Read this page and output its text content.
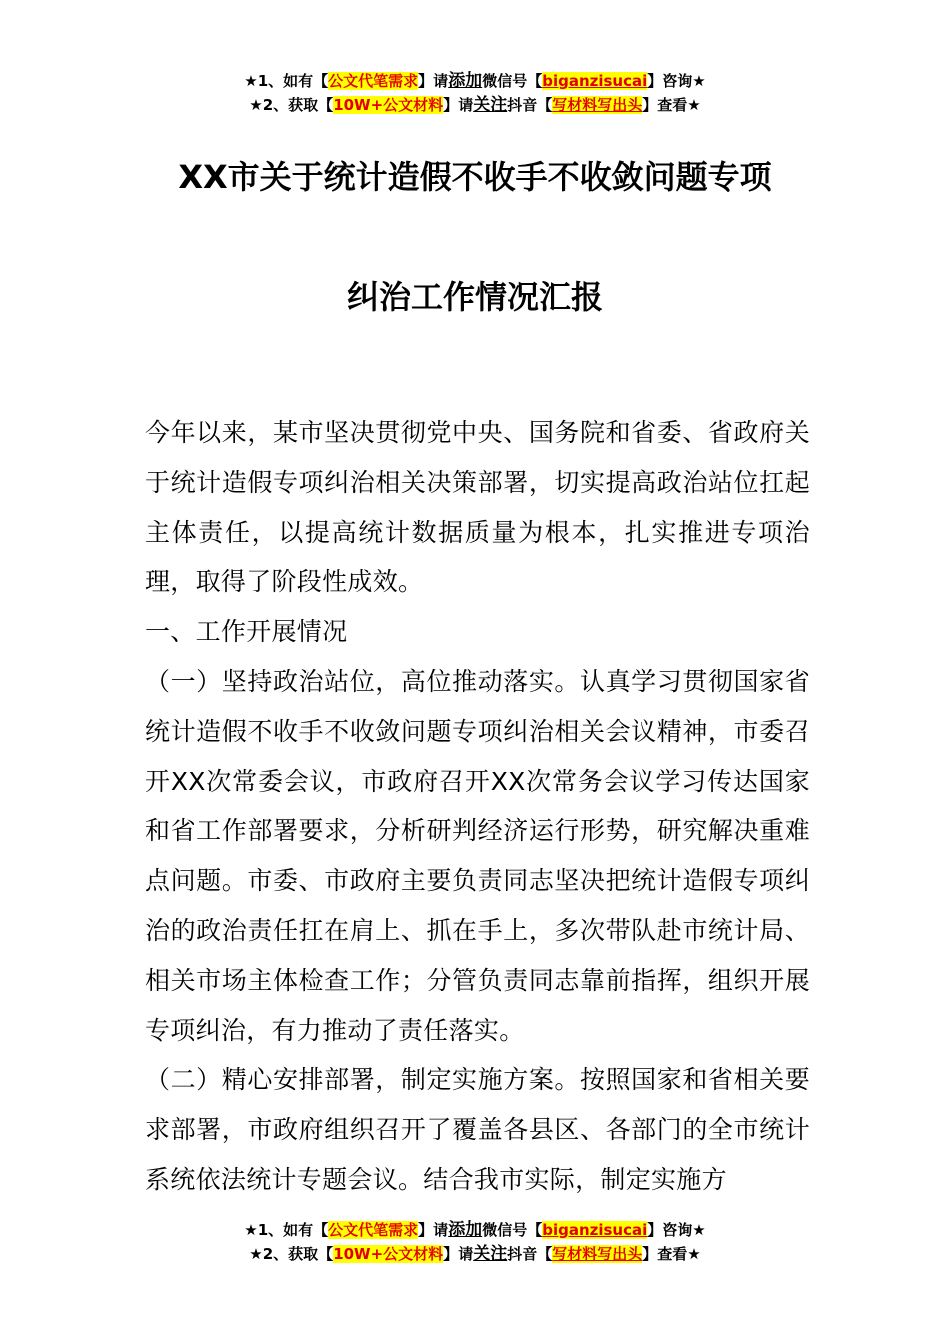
★1、如有【公文代笔需求】请添加微信号【biganzisucai】咨询★
★2、获取【10W+公文材料】请关注抖音【写材料写出头】查看★
XX市关于统计造假不收手不收敛问题专项
纠治工作情况汇报

今年以来，某市坚决贯彻党中央、国务院和省委、省政府关于统计造假专项纠治相关决策部署，切实提高政治站位扛起主体责任，以提高统计数据质量为根本，扎实推进专项治理，取得了阶段性成效。

一、工作开展情况

（一）坚持政治站位，高位推动落实。认真学习贯彻国家省统计造假不收手不收敛问题专项纠治相关会议精神，市委召开XX次常委会议，市政府召开XX次常务会议学习传达国家和省工作部署要求，分析研判经济运行形势，研究解决重难点问题。市委、市政府主要负责同志坚决把统计造假专项纠治的政治责任扛在肩上、抓在手上，多次带队赴市统计局、相关市场主体检查工作；分管负责同志靠前指挥，组织开展专项纠治，有力推动了责任落实。

（二）精心安排部署，制定实施方案。按照国家和省相关要求部署，市政府组织召开了覆盖各县区、各部门的全市统计系统依法统计专题会议。结合我市实际，制定实施方

★1、如有【公文代笔需求】请添加微信号【biganzisucai】咨询★
★2、获取【10W+公文材料】请关注抖音【写材料写出头】查看★
